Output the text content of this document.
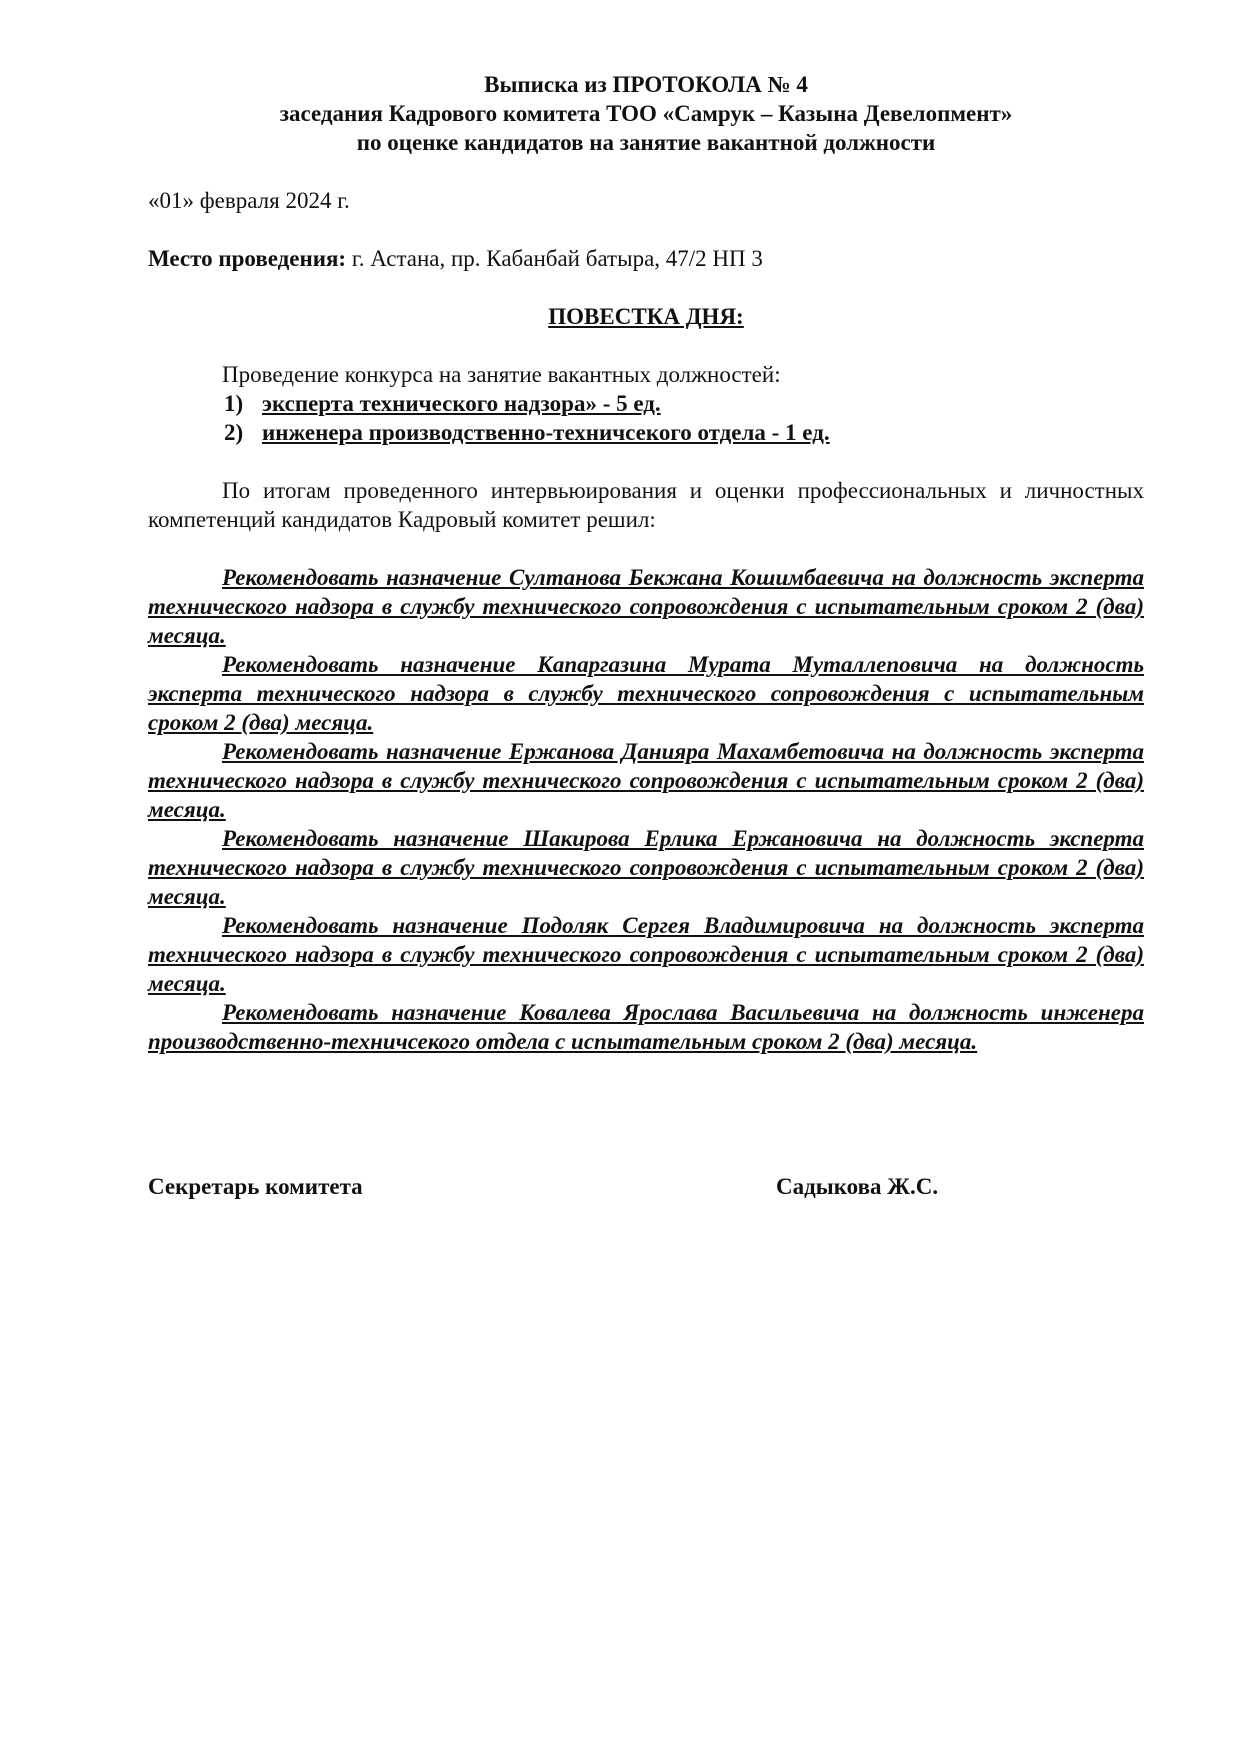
Выписка из ПРОТОКОЛА № 4
заседания Кадрового комитета ТОО «Самрук – Казына Девелопмент»
по оценке кандидатов на занятие вакантной должности
«01» февраля 2024 г.
Место проведения: г. Астана, пр. Кабанбай батыра, 47/2 НП 3
ПОВЕСТКА ДНЯ:
Проведение конкурса на занятие вакантных должностей:
1) эксперта технического надзора» - 5 ед.
2) инженера производственно-техничсекого отдела - 1 ед.

По итогам проведенного интервьюирования и оценки профессиональных и личностных компетенций кандидатов Кадровый комитет решил:

Рекомендовать назначение Султанова Бекжана Кошимбаевича на должность эксперта технического надзора в службу технического сопровождения с испытательным сроком 2 (два) месяца.

Рекомендовать назначение Капаргазина Мурата Муталлеповича на должность эксперта технического надзора в службу технического сопровождения с испытательным сроком 2 (два) месяца.

Рекомендовать назначение Ержанова Данияра Махамбетовича на должность эксперта технического надзора в службу технического сопровождения с испытательным сроком 2 (два) месяца.

Рекомендовать назначение Шакирова Ерлика Ержановича на должность эксперта технического надзора в службу технического сопровождения с испытательным сроком 2 (два) месяца.

Рекомендовать назначение Подоляк Сергея Владимировича на должность эксперта технического надзора в службу технического сопровождения с испытательным сроком 2 (два) месяца.

Рекомендовать назначение Ковалева Ярослава Васильевича на должность инженера производственно-техничсекого отдела с испытательным сроком 2 (два) месяца.

Секретарь комитета	Садыкова Ж.С.
